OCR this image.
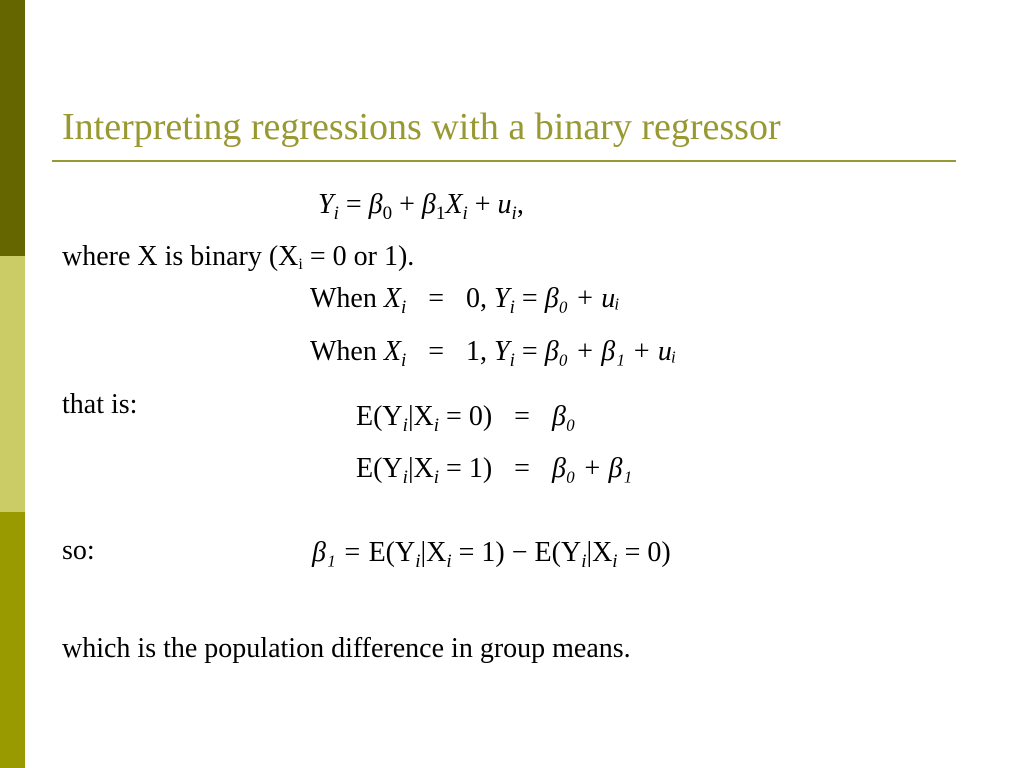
Interpreting regressions with a binary regressor
$Y_i = \beta_0 + \beta_1X_i + u_i$,
where X is binary ($X_i = 0$ or 1).
When $X_i = 0$, $Y_i = \beta_0$ + uᵢ
When $X_i = 1$, $Y_i = \beta_0 + \beta_1$ + uᵢ
that is:	$E(Y_i|X_i = 0) = \beta_0$
$E(Y_i|X_i = 1) = \beta_0 + \beta_1$
so:	$\beta_1 = E(Y_i|X_i = 1) - E(Y_i|X_i = 0)$
which is the population difference in group means.
